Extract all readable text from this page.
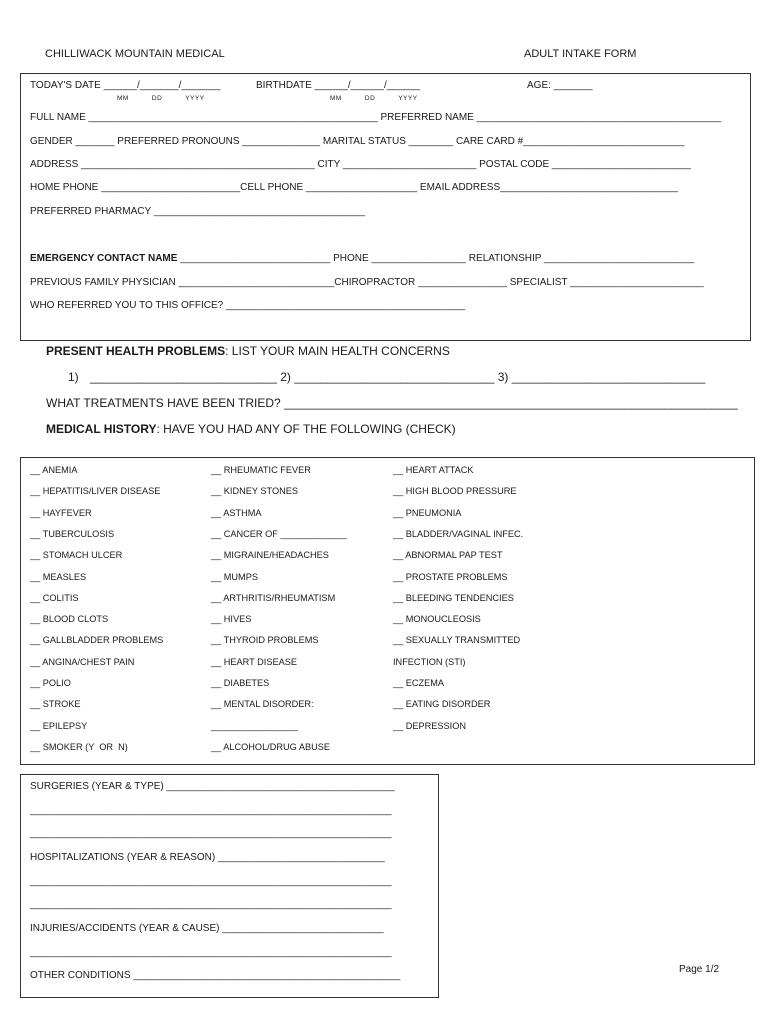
CHILLIWACK MOUNTAIN MEDICAL	ADULT INTAKE FORM
TODAY'S DATE ______/_______/_______
MM          DD          YYYY
BIRTHDATE ______/______/______
MM          DD          YYYY
AGE: _______
FULL NAME ____________________________________________________ PREFERRED NAME ____________________________________________
GENDER _______ PREFERRED PRONOUNS ______________ MARITAL STATUS ________ CARE CARD #_____________________________
ADDRESS __________________________________________ CITY ________________________ POSTAL CODE _________________________
HOME PHONE _________________________CELL PHONE ____________________ EMAIL ADDRESS________________________________
PREFERRED PHARMACY ______________________________________
EMERGENCY CONTACT NAME ___________________________ PHONE _________________ RELATIONSHIP ___________________________
PREVIOUS FAMILY PHYSICIAN ____________________________CHIROPRACTOR ________________ SPECIALIST ________________________
WHO REFERRED YOU TO THIS OFFICE? ___________________________________________
PRESENT HEALTH PROBLEMS: LIST YOUR MAIN HEALTH CONCERNS
1) ____________________________ 2) ______________________________ 3) _____________________________
WHAT TREATMENTS HAVE BEEN TRIED? ____________________________________________________________________
MEDICAL HISTORY: HAVE YOU HAD ANY OF THE FOLLOWING (CHECK)
__ ANEMIA
__ HEPATITIS/LIVER DISEASE
__ HAYFEVER
__ TUBERCULOSIS
__ STOMACH ULCER
__ MEASLES
__ COLITIS
__ BLOOD CLOTS
__ GALLBLADDER PROBLEMS
__ ANGINA/CHEST PAIN
__ POLIO
__ STROKE
__ EPILEPSY
__ SMOKER (Y  OR  N)
__ RHEUMATIC FEVER
__ KIDNEY STONES
__ ASTHMA
__ CANCER OF _____________
__ MIGRAINE/HEADACHES
__ MUMPS
__ ARTHRITIS/RHEUMATISM
__ HIVES
__ THYROID PROBLEMS
__ HEART DISEASE
__ DIABETES
__ MENTAL DISORDER:
_________________
__ ALCOHOL/DRUG ABUSE
__ HEART ATTACK
__ HIGH BLOOD PRESSURE
__ PNEUMONIA
__ BLADDER/VAGINAL INFEC.
__ ABNORMAL PAP TEST
__ PROSTATE PROBLEMS
__ BLEEDING TENDENCIES
__ MONOUCLEOSIS
__ SEXUALLY TRANSMITTED
INFECTION (STI)
__ ECZEMA
__ EATING DISORDER
__ DEPRESSION
SURGERIES (YEAR & TYPE) _________________________________________
_________________________________________________________________
_________________________________________________________________
HOSPITALIZATIONS (YEAR & REASON) ______________________________
_________________________________________________________________
_________________________________________________________________
INJURIES/ACCIDENTS (YEAR & CAUSE) _____________________________
_________________________________________________________________
OTHER CONDITIONS ________________________________________________
Page 1/2
